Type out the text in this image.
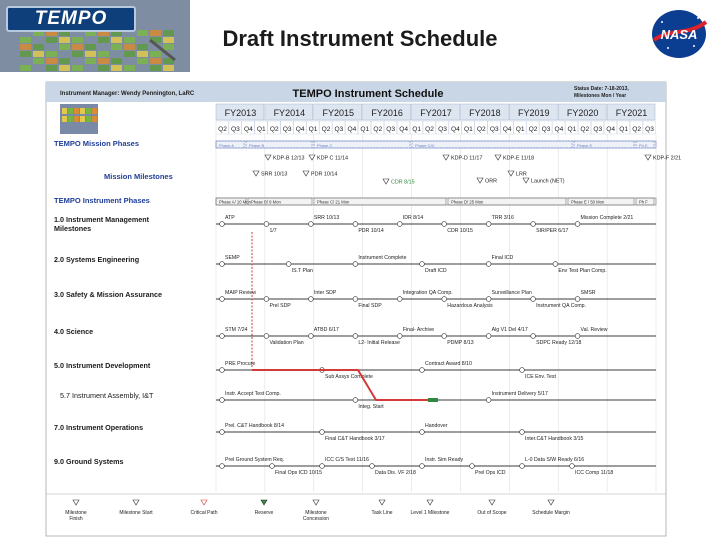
TEMPO
Draft Instrument Schedule	NASA
Instrument Manager: Wendy Pennington, LaRC	TEMPO Instrument Schedule	Status Date: 7-18-2013,
Milestones Mon / Year
FY2013 FY2014 FY2015 FY2016 FY2017 FY2018 FY2019 FY2020 FY2021
Q2 Q3 Q4 Q1 Q2 Q3 Q4 Q1 Q2 Q3 Q4 Q1 Q2 Q3 Q4 Q1 Q2 Q3 Q4 Q1 Q2 Q3 Q4 Q1 Q2 Q3 Q4 Q1 Q2 Q3 Q4 Q1 Q2 Q3
TEMPO Mission Phases
Mission Milestones
TEMPO Instrument Phases
Phase A	Phase B	Phase C	Phase C/D	Phase E	Ph E
KDP-B 12/13 KDP C 11/14
SRR 10/13	PDR 10/14
CDR 8/15
KDP-D 11/17	KDP-E 11/18
ORR
LRR
Launch (NET)
KDP-F 2/21
Phase A/ 10 Mon Phase B/ 9 Mon	Phase C/ 21 Mon	Phase D/ 25 Mon	Phase E / 50 Mon	Ph F
1.0 Instrument Management Milestones
ATP
1/7
SRR 10/13
PDR 10/14
IDR 8/14
CDR 10/15
TRR 3/16
SIR/PER 6/17
Mission Complete 2/21
2.0 Systems Engineering	SEMP
IS.T Plan
Instrument Complete
Draft ICD
Final ICD
Env Test Plan Comp.
3.0 Safety & Mission Assurance	MAIP Review
Prel SDP
Inter SDP
Final SDP
Integration QA Comp.
Hazardous Analysis
Surveillance Plan
Instrument QA Comp.
SMSR
4.0 Science	STM 7/24
Validation Plan
ATBD 6/17
L2- Initial Release
Final- Archive
PDMP 8/13
Alg V1 Del 4/17
SDPC Ready 12/18
Val. Review
5.0 Instrument Development	PRE Procure
Sub Assys Complete
Contract Award 8/10
ICE Env. Test
5.7 Instrument Assembly, I&T	Instr. Accept Test Comp.
Integ. Start
Instrument Delivery 5/17
7.0 Instrument Operations	Prel. C&T Handbook 8/14
Final C&T Handbook 3/17
Handover
Inter.C&T Handbook 3/15
9.0 Ground Systems	Prel Ground System Req.
Final Ops ICD 10/15
ICC C/S Test 11/16
Data Dis. VF 2/18
Instr. Sim Ready
Prel Ops ICD
L-0 Data S/W Ready 6/16
ICC Comp 11/18
Milestone Finish
Milestone Start	Critical Path	Reserve	Milestone Concession
Task Line	Level 1 Milestone	Out of Scope	Schedule Margin
